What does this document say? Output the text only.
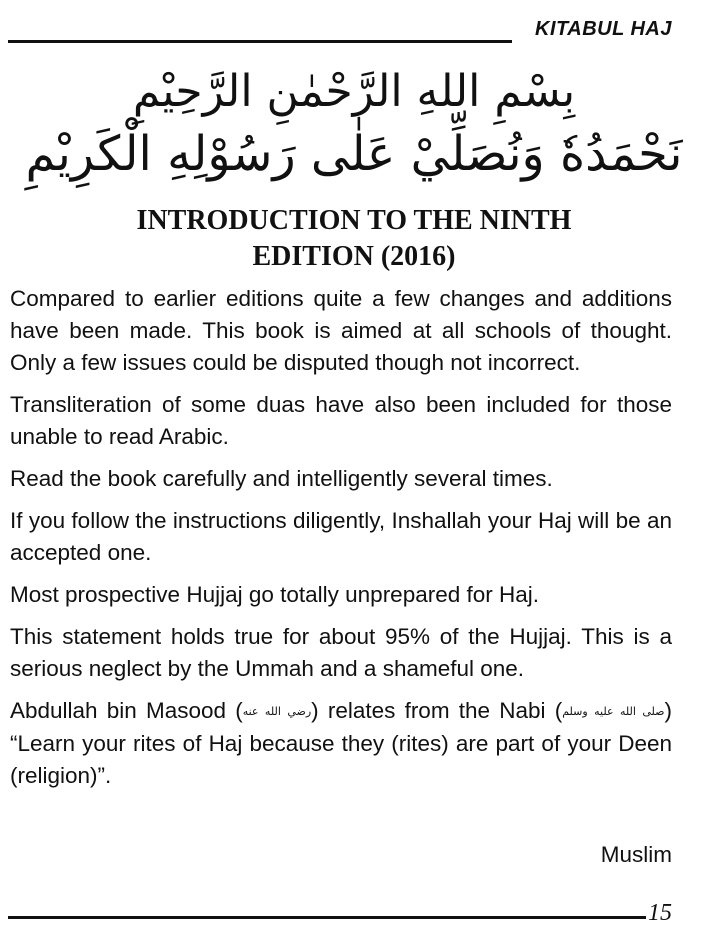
KITABUL HAJ
بِسْمِ اللهِ الرَّحْمٰنِ الرَّحِيْمِ
نَحْمَدُهٗ وَنُصَلِّيْ عَلٰى رَسُوْلِهِ الْكَرِيْمِ
INTRODUCTION TO THE NINTH
EDITION (2016)

Compared to earlier editions quite a few changes and additions have been made. This book is aimed at all schools of thought. Only a few issues could be disputed though not incorrect.

Transliteration of some duas have also been included for those unable to read Arabic.

Read the book carefully and intelligently several times.

If you follow the instructions diligently, Inshallah your Haj will be an accepted one.

Most prospective Hujjaj go totally unprepared for Haj.

This statement holds true for about 95% of the Hujjaj. This is a serious neglect by the Ummah and a shameful one.

Abdullah bin Masood (رضي الله عنه) relates from the Nabi (صلى الله عليه وسلم) “Learn your rites of Haj because they (rites) are part of your Deen (religion)”.

Muslim
15
